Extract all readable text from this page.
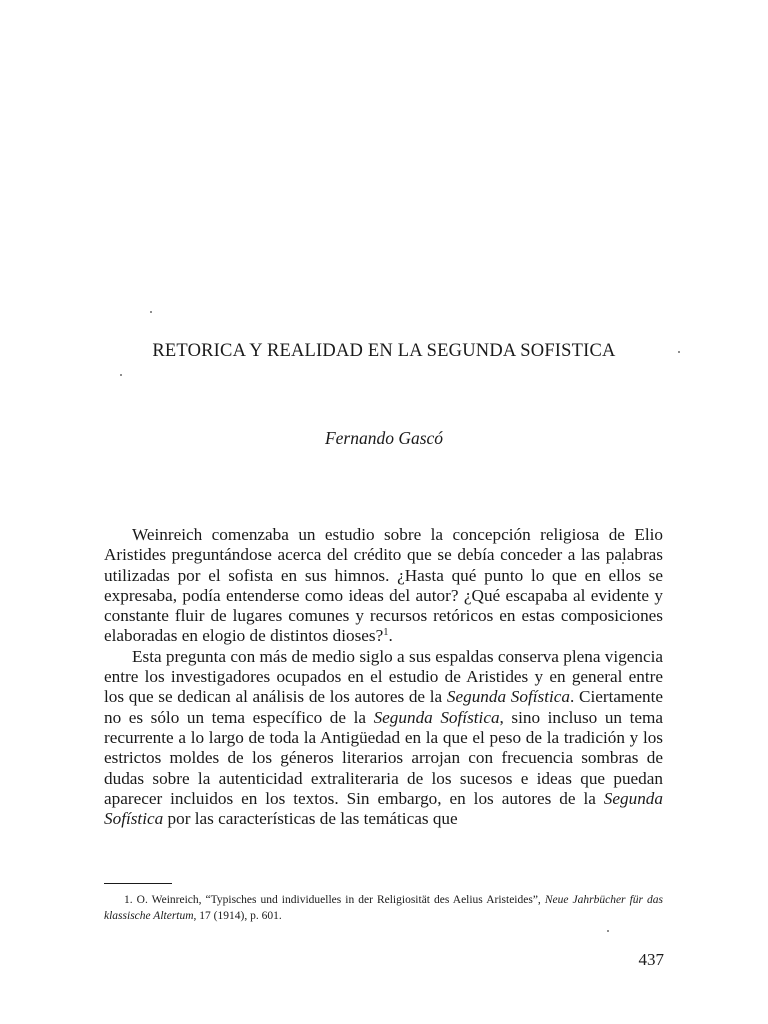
RETORICA Y REALIDAD EN LA SEGUNDA SOFISTICA
Fernando Gascó

Weinreich comenzaba un estudio sobre la concepción religiosa de Elio Aristides preguntándose acerca del crédito que se debía conceder a las palabras utilizadas por el sofista en sus himnos. ¿Hasta qué punto lo que en ellos se expresaba, podía entenderse como ideas del autor? ¿Qué escapaba al evidente y constante fluir de lugares comunes y recursos retóricos en estas composiciones elaboradas en elogio de distintos dioses?$^1$.

Esta pregunta con más de medio siglo a sus espaldas conserva plena vigencia entre los investigadores ocupados en el estudio de Aristides y en general entre los que se dedican al análisis de los autores de la Segunda Sofística. Ciertamente no es sólo un tema específico de la Segunda Sofística, sino incluso un tema recurrente a lo largo de toda la Antigüedad en la que el peso de la tradición y los estrictos moldes de los géneros literarios arrojan con frecuencia sombras de dudas sobre la autenticidad extraliteraria de los sucesos e ideas que puedan aparecer incluidos en los textos. Sin embargo, en los autores de la Segunda Sofística por las características de las temáticas que

1. O. Weinreich, “Typisches und individuelles in der Religiosität des Aelius Aristeides”, Neue Jahrbücher für das klassische Altertum, 17 (1914), p. 601.

437
